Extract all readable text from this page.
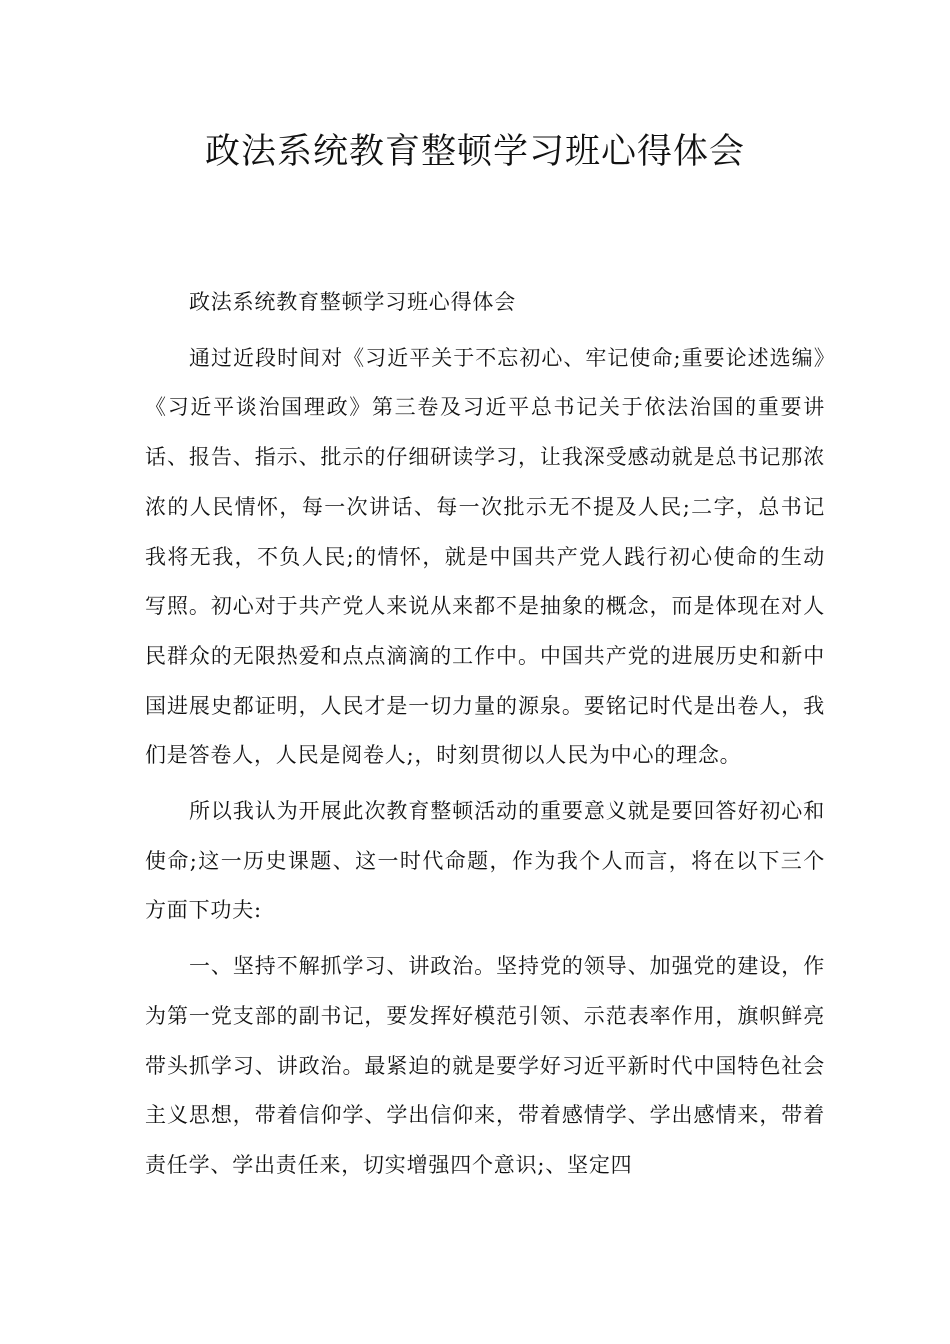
政法系统教育整顿学习班心得体会

政法系统教育整顿学习班心得体会

通过近段时间对《习近平关于不忘初心、牢记使命;重要论述选编》《习近平谈治国理政》第三卷及习近平总书记关于依法治国的重要讲话、报告、指示、批示的仔细研读学习，让我深受感动就是总书记那浓浓的人民情怀，每一次讲话、每一次批示无不提及人民;二字，总书记我将无我，不负人民;的情怀，就是中国共产党人践行初心使命的生动写照。初心对于共产党人来说从来都不是抽象的概念，而是体现在对人民群众的无限热爱和点点滴滴的工作中。中国共产党的进展历史和新中国进展史都证明，人民才是一切力量的源泉。要铭记时代是出卷人，我们是答卷人，人民是阅卷人;，时刻贯彻以人民为中心的理念。

所以我认为开展此次教育整顿活动的重要意义就是要回答好初心和使命;这一历史课题、这一时代命题，作为我个人而言，将在以下三个方面下功夫:

一、坚持不解抓学习、讲政治。坚持党的领导、加强党的建设，作为第一党支部的副书记，要发挥好模范引领、示范表率作用，旗帜鲜亮带头抓学习、讲政治。最紧迫的就是要学好习近平新时代中国特色社会主义思想，带着信仰学、学出信仰来，带着感情学、学出感情来，带着责任学、学出责任来，切实增强四个意识;、坚定四
